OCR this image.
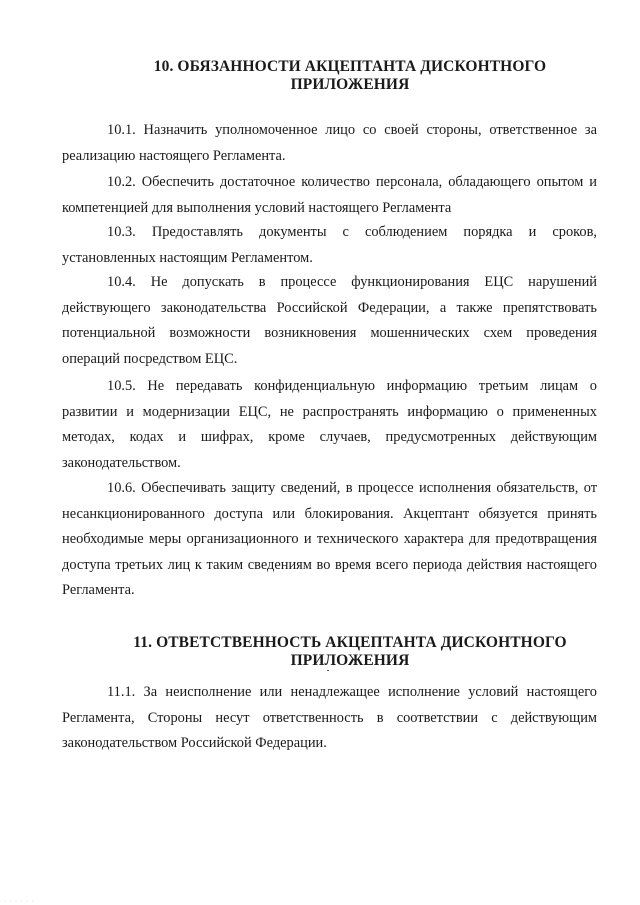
10. ОБЯЗАННОСТИ АКЦЕПТАНТА ДИСКОНТНОГО
ПРИЛОЖЕНИЯ
10.1. Назначить уполномоченное лицо со своей стороны, ответственное за реализацию настоящего Регламента.
10.2. Обеспечить достаточное количество персонала, обладающего опытом и компетенцией для выполнения условий настоящего Регламента
10.3. Предоставлять документы с соблюдением порядка и сроков, установленных настоящим Регламентом.
10.4. Не допускать в процессе функционирования ЕЦС нарушений действующего законодательства Российской Федерации, а также препятствовать потенциальной возможности возникновения мошеннических схем проведения операций посредством ЕЦС.
10.5. Не передавать конфиденциальную информацию третьим лицам о развитии и модернизации ЕЦС, не распространять информацию о примененных методах, кодах и шифрах, кроме случаев, предусмотренных действующим законодательством.
10.6. Обеспечивать защиту сведений, в процессе исполнения обязательств, от несанкционированного доступа или блокирования. Акцептант обязуется принять необходимые меры организационного и технического характера для предотвращения доступа третьих лиц к таким сведениям во время всего периода действия настоящего Регламента.
11. ОТВЕТСТВЕННОСТЬ АКЦЕПТАНТА ДИСКОНТНОГО
ПРИЛОЖЕНИЯ
11.1. За неисполнение или ненадлежащее исполнение условий настоящего Регламента, Стороны несут ответственность в соответствии с действующим законодательством Российской Федерации.
· · · · · ·
